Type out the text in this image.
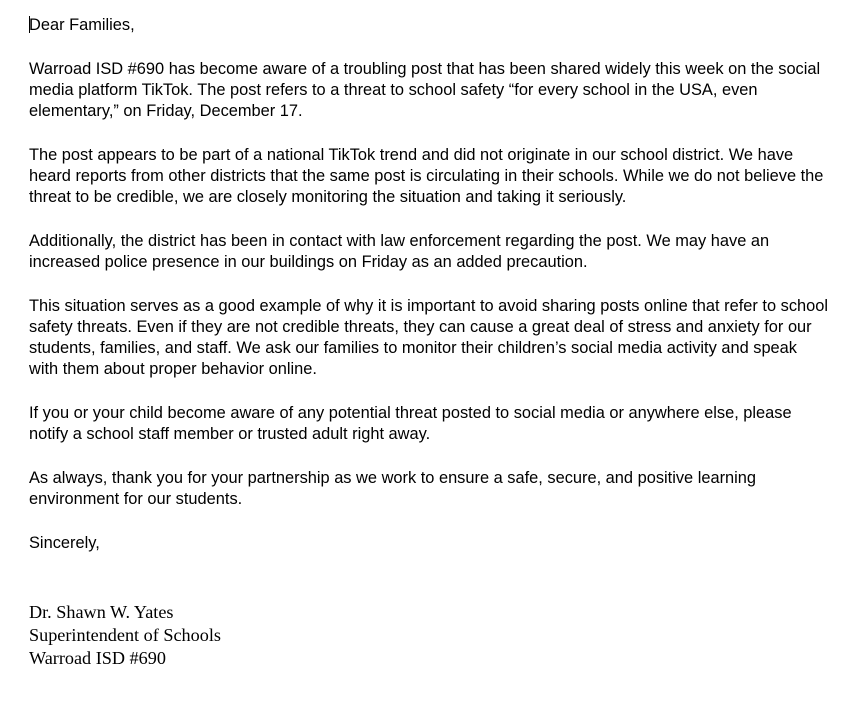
Dear Families,

Warroad ISD #690 has become aware of a troubling post that has been shared widely this week on the social media platform TikTok. The post refers to a threat to school safety “for every school in the USA, even elementary,” on Friday, December 17.

The post appears to be part of a national TikTok trend and did not originate in our school district. We have heard reports from other districts that the same post is circulating in their schools. While we do not believe the threat to be credible, we are closely monitoring the situation and taking it seriously.

Additionally, the district has been in contact with law enforcement regarding the post. We may have an increased police presence in our buildings on Friday as an added precaution.

This situation serves as a good example of why it is important to avoid sharing posts online that refer to school safety threats. Even if they are not credible threats, they can cause a great deal of stress and anxiety for our students, families, and staff. We ask our families to monitor their children’s social media activity and speak with them about proper behavior online.

If you or your child become aware of any potential threat posted to social media or anywhere else, please notify a school staff member or trusted adult right away.

As always, thank you for your partnership as we work to ensure a safe, secure, and positive learning environment for our students.

Sincerely,

Dr. Shawn W. Yates

Superintendent of Schools

Warroad ISD #690
